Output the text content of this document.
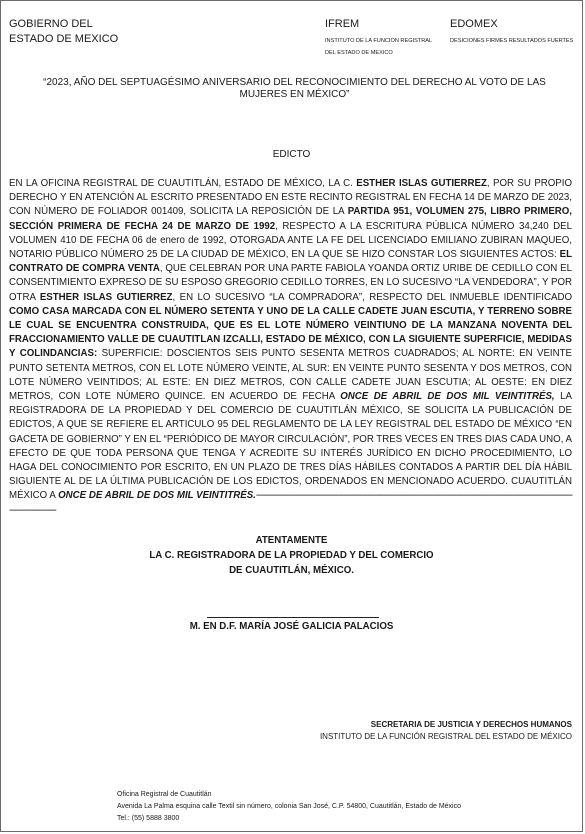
GOBIERNO DEL
ESTADO DE MEXICO
IFREM
INSTITUTO DE LA FUNCION REGISTRAL
DEL ESTADO DE MEXICO
EDOMEX
DESICIONES FIRMES RESULTADOS FUERTES
“2023, AÑO DEL SEPTUAGÉSIMO ANIVERSARIO DEL RECONOCIMIENTO DEL DERECHO AL VOTO DE LAS MUJERES EN MÉXICO”
EDICTO
EN LA OFICINA REGISTRAL DE CUAUTITLÁN, ESTADO DE MÉXICO, LA C. ESTHER ISLAS GUTIERREZ, POR SU PROPIO DERECHO Y EN ATENCIÓN AL ESCRITO PRESENTADO EN ESTE RECINTO REGISTRAL EN FECHA 14 DE MARZO DE 2023, CON NÚMERO DE FOLIADOR 001409, SOLICITA LA REPOSICIÓN DE LA PARTIDA 951, VOLUMEN 275, LIBRO PRIMERO, SECCIÓN PRIMERA DE FECHA 24 DE MARZO DE 1992, RESPECTO A LA ESCRITURA PÚBLICA NÚMERO 34,240 DEL VOLUMEN 410 DE FECHA 06 de enero de 1992, OTORGADA ANTE LA FE DEL LICENCIADO EMILIANO ZUBIRAN MAQUEO, NOTARIO PÚBLICO NÚMERO 25 DE LA CIUDAD DE MÉXICO, EN LA QUE SE HIZO CONSTAR LOS SIGUIENTES ACTOS: EL CONTRATO DE COMPRA VENTA, QUE CELEBRAN POR UNA PARTE FABIOLA YOANDA ORTIZ URIBE DE CEDILLO CON EL CONSENTIMIENTO EXPRESO DE SU ESPOSO GREGORIO CEDILLO TORRES, EN LO SUCESIVO “LA VENDEDORA”, Y POR OTRA ESTHER ISLAS GUTIERREZ, EN LO SUCESIVO “LA COMPRADORA”, RESPECTO DEL INMUEBLE IDENTIFICADO COMO CASA MARCADA CON EL NÚMERO SETENTA Y UNO DE LA CALLE CADETE JUAN ESCUTIA, Y TERRENO SOBRE LE CUAL SE ENCUENTRA CONSTRUIDA, QUE ES EL LOTE NÚMERO VEINTIUNO DE LA MANZANA NOVENTA DEL FRACCIONAMIENTO VALLE DE CUAUTITLAN IZCALLI, ESTADO DE MÉXICO, CON LA SIGUIENTE SUPERFICIE, MEDIDAS Y COLINDANCIAS: SUPERFICIE: DOSCIENTOS SEIS PUNTO SESENTA METROS CUADRADOS; AL NORTE: EN VEINTE PUNTO SETENTA METROS, CON EL LOTE NÚMERO VEINTE, AL SUR: EN VEINTE PUNTO SESENTA Y DOS METROS, CON LOTE NÚMERO VEINTIDOS; AL ESTE: EN DIEZ METROS, CON CALLE CADETE JUAN ESCUTIA; AL OESTE: EN DIEZ METROS, CON LOTE NÚMERO QUINCE. EN ACUERDO DE FECHA ONCE DE ABRIL DE DOS MIL VEINTITRÉS, LA REGISTRADORA DE LA PROPIEDAD Y DEL COMERCIO DE CUAUTITLÁN MÉXICO, SE SOLICITA LA PUBLICACIÓN DE EDICTOS, A QUE SE REFIERE EL ARTICULO 95 DEL REGLAMENTO DE LA LEY REGISTRAL DEL ESTADO DE MÉXICO “EN GACETA DE GOBIERNO” Y EN EL “PERIÓDICO DE MAYOR CIRCULACIÓN”, POR TRES VECES EN TRES DIAS CADA UNO, A EFECTO DE QUE TODA PERSONA QUE TENGA Y ACREDITE SU INTERÉS JURÍDICO EN DICHO PROCEDIMIENTO, LO HAGA DEL CONOCIMIENTO POR ESCRITO, EN UN PLAZO DE TRES DÍAS HÁBILES CONTADOS A PARTIR DEL DÍA HÁBIL SIGUIENTE AL DE LA ÚLTIMA PUBLICACIÓN DE LOS EDICTOS, ORDENADOS EN MENCIONADO ACUERDO. CUAUTITLÁN MÉXICO A ONCE DE ABRIL DE DOS MIL VEINTITRÉS.-------------------------------------------------------------------------------------------------------------------------------------------------------------------
ATENTAMENTE
LA C. REGISTRADORA DE LA PROPIEDAD Y DEL COMERCIO
DE CUAUTITLÁN, MÉXICO.
M. EN D.F. MARÍA JOSÉ GALICIA PALACIOS
SECRETARIA DE JUSTICIA Y DERECHOS HUMANOS
INSTITUTO DE LA FUNCIÓN REGISTRAL DEL ESTADO DE MÉXICO
Oficina Registral de Cuautitlán
Avenida La Palma esquina calle Textil sin número, colonia San José, C.P. 54800, Cuautitlán, Estado de México
Tel.: (55) 5888 3800
